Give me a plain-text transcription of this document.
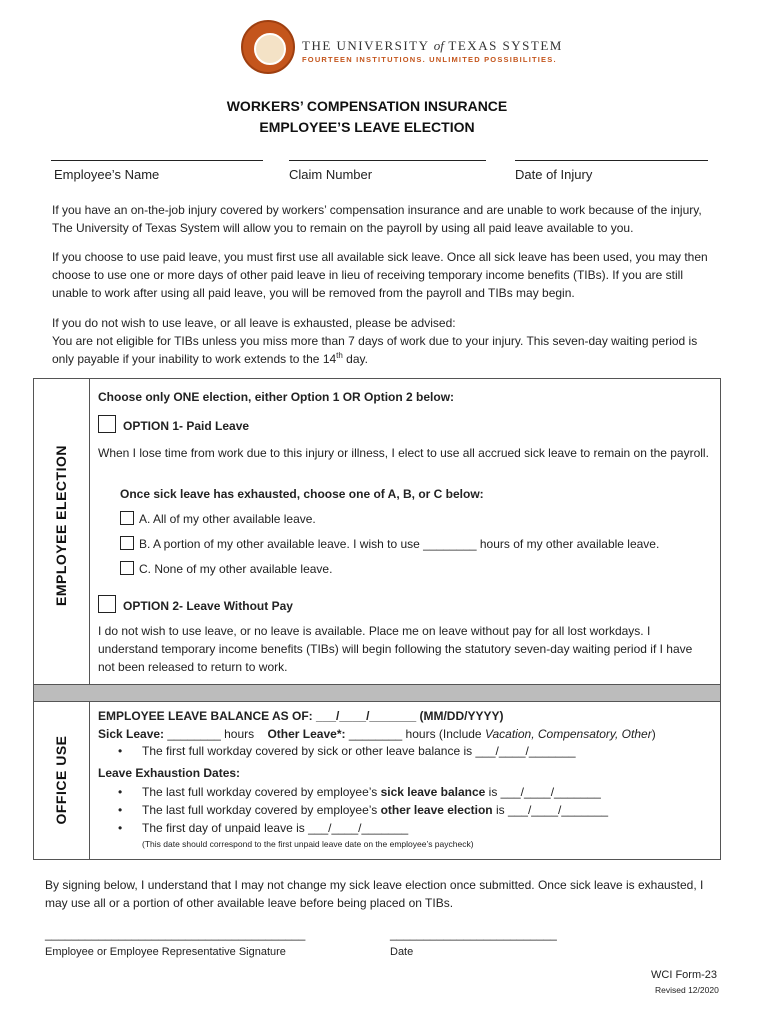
THE UNIVERSITY of TEXAS SYSTEM
FOURTEEN INSTITUTIONS. UNLIMITED POSSIBILITIES.
WORKERS’ COMPENSATION INSURANCE
EMPLOYEE’S LEAVE ELECTION
Employee’s Name	Claim Number	Date of Injury
If you have an on-the-job injury covered by workers’ compensation insurance and are unable to work because of the injury, The University of Texas System will allow you to remain on the payroll by using all paid leave available to you.
If you choose to use paid leave, you must first use all available sick leave. Once all sick leave has been used, you may then choose to use one or more days of other paid leave in lieu of receiving temporary income benefits (TIBs). If you are still unable to work after using all paid leave, you will be removed from the payroll and TIBs may begin.
If you do not wish to use leave, or all leave is exhausted, please be advised:
You are not eligible for TIBs unless you miss more than 7 days of work due to your injury. This seven-day waiting period is only payable if your inability to work extends to the 14th day.
EMPLOYEE ELECTION
OFFICE USE
Choose only ONE election, either Option 1 OR Option 2 below:
OPTION 1- Paid Leave
When I lose time from work due to this injury or illness, I elect to use all accrued sick leave to remain on the payroll.
Once sick leave has exhausted, choose one of A, B, or C below:
A. All of my other available leave.
B. A portion of my other available leave. I wish to use ________ hours of my other available leave.
C. None of my other available leave.
OPTION 2- Leave Without Pay
I do not wish to use leave, or no leave is available. Place me on leave without pay for all lost workdays. I understand temporary income benefits (TIBs) will begin following the statutory seven-day waiting period if I have not been released to return to work.
EMPLOYEE LEAVE BALANCE AS OF: ___/____/_______ (MM/DD/YYYY)
Sick Leave: ________ hours Other Leave*: ________ hours (Include Vacation, Compensatory, Other)
• The first full workday covered by sick or other leave balance is ___/____/_______
Leave Exhaustion Dates:
• The last full workday covered by employee’s sick leave balance is ___/____/_______
• The last full workday covered by employee’s other leave election is ___/____/_______
• The first day of unpaid leave is ___/____/_______
(This date should correspond to the first unpaid leave date on the employee’s paycheck)
By signing below, I understand that I may not change my sick leave election once submitted. Once sick leave is exhausted, I may use all or a portion of other available leave before being placed on TIBs.
_______________________________________	_________________________
Employee or Employee Representative Signature	Date
WCI Form-23
Revised 12/2020
